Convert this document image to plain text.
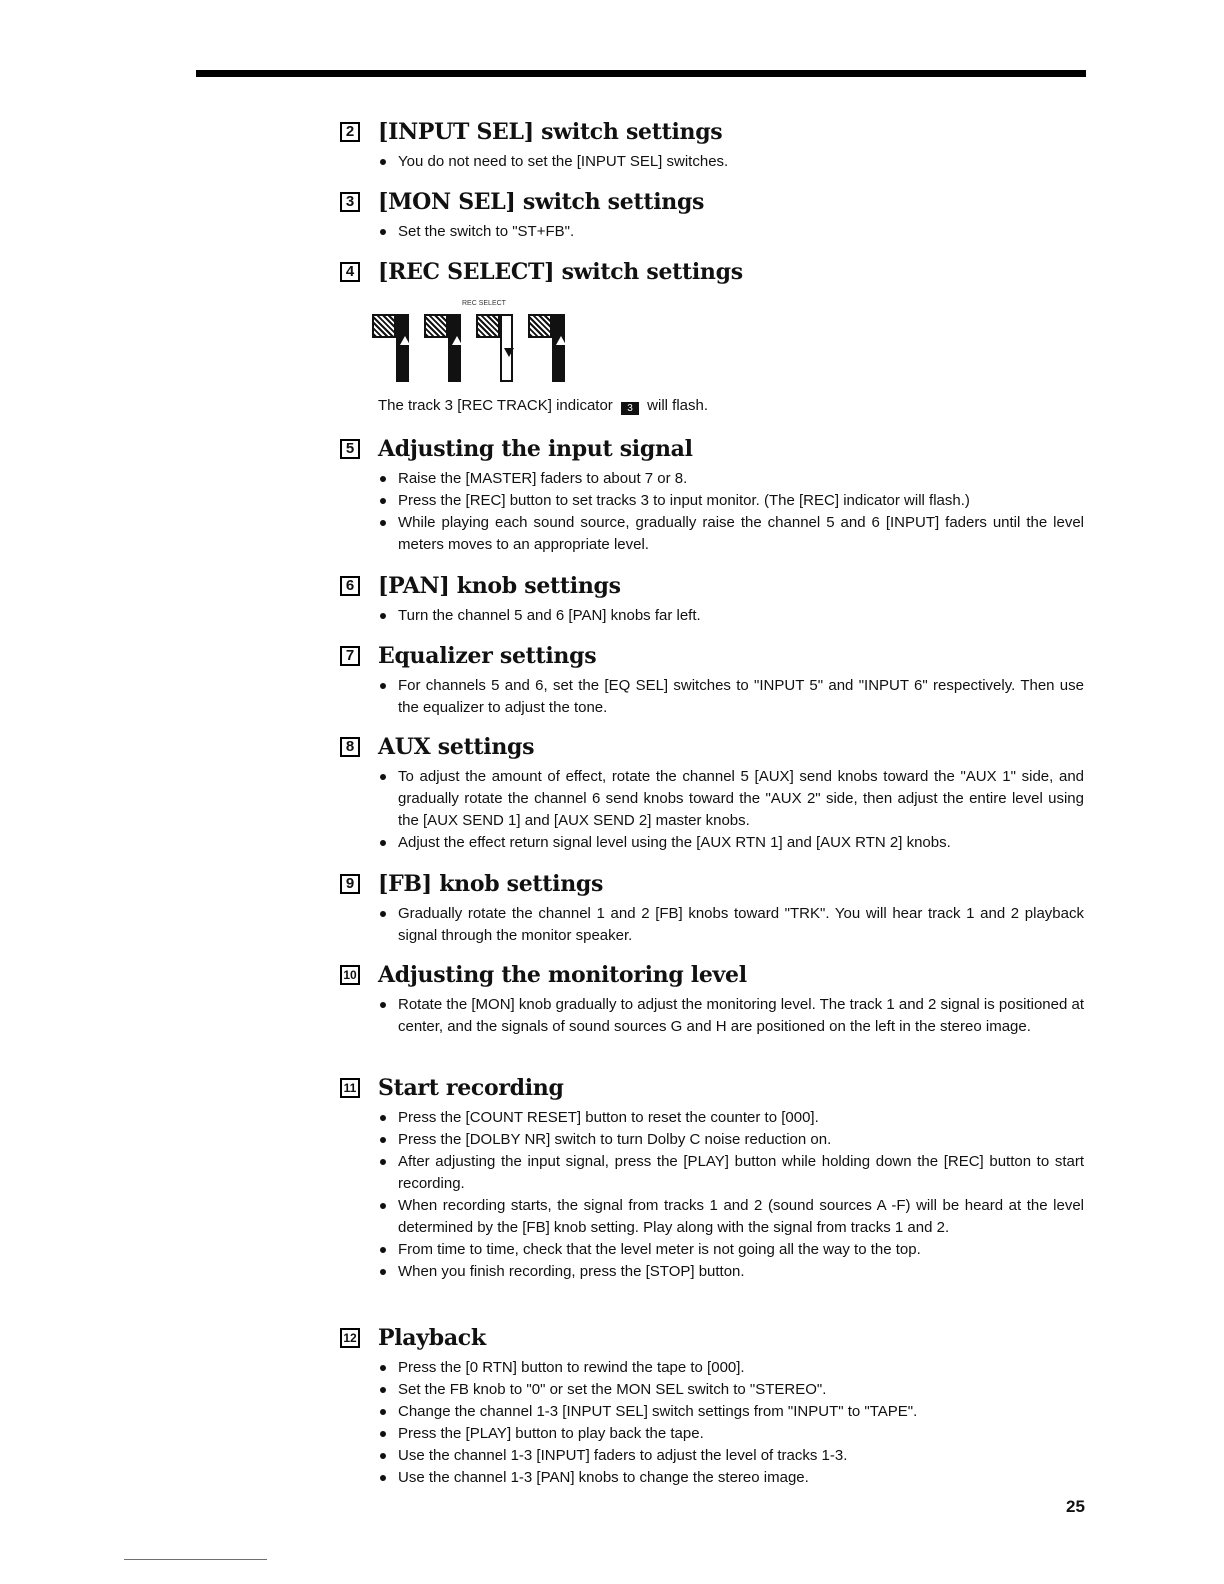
2 [INPUT SEL] switch settings
You do not need to set the [INPUT SEL] switches.
3 [MON SEL] switch settings
Set the switch to "ST+FB".
4 [REC SELECT] switch settings
REC SELECT
The track 3 [REC TRACK] indicator 3 will flash.
5 Adjusting the input signal
Raise the [MASTER] faders to about 7 or 8.
Press the [REC] button to set tracks 3 to input monitor. (The [REC] indicator will flash.)
While playing each sound source, gradually raise the channel 5 and 6 [INPUT] faders until the level meters moves to an appropriate level.
6 [PAN] knob settings
Turn the channel 5 and 6 [PAN] knobs far left.
7 Equalizer settings
For channels 5 and 6, set the [EQ SEL] switches to "INPUT 5" and "INPUT 6" respectively. Then use the equalizer to adjust the tone.
8 AUX settings
To adjust the amount of effect, rotate the channel 5 [AUX] send knobs toward the "AUX 1" side, and gradually rotate the channel 6 send knobs toward the "AUX 2" side, then adjust the entire level using the [AUX SEND 1] and [AUX SEND 2] master knobs.
Adjust the effect return signal level using the [AUX RTN 1] and [AUX RTN 2] knobs.
9 [FB] knob settings
Gradually rotate the channel 1 and 2 [FB] knobs toward "TRK". You will hear track 1 and 2 playback signal through the monitor speaker.
10 Adjusting the monitoring level
Rotate the [MON] knob gradually to adjust the monitoring level. The track 1 and 2 signal is positioned at center, and the signals of sound sources G and H are positioned on the left in the stereo image.
11 Start recording
Press the [COUNT RESET] button to reset the counter to [000].
Press the [DOLBY NR] switch to turn Dolby C noise reduction on.
After adjusting the input signal, press the [PLAY] button while holding down the [REC] button to start recording.
When recording starts, the signal from tracks 1 and 2 (sound sources A -F) will be heard at the level determined by the [FB] knob setting. Play along with the signal from tracks 1 and 2.
From time to time, check that the level meter is not going all the way to the top.
When you finish recording, press the [STOP] button.
12 Playback
Press the [0 RTN] button to rewind the tape to [000].
Set the FB knob to "0" or set the MON SEL switch to "STEREO".
Change the channel 1-3 [INPUT SEL] switch settings from "INPUT" to "TAPE".
Press the [PLAY] button to play back the tape.
Use the channel 1-3 [INPUT] faders to adjust the level of tracks 1-3.
Use the channel 1-3 [PAN] knobs to change the stereo image.
25
